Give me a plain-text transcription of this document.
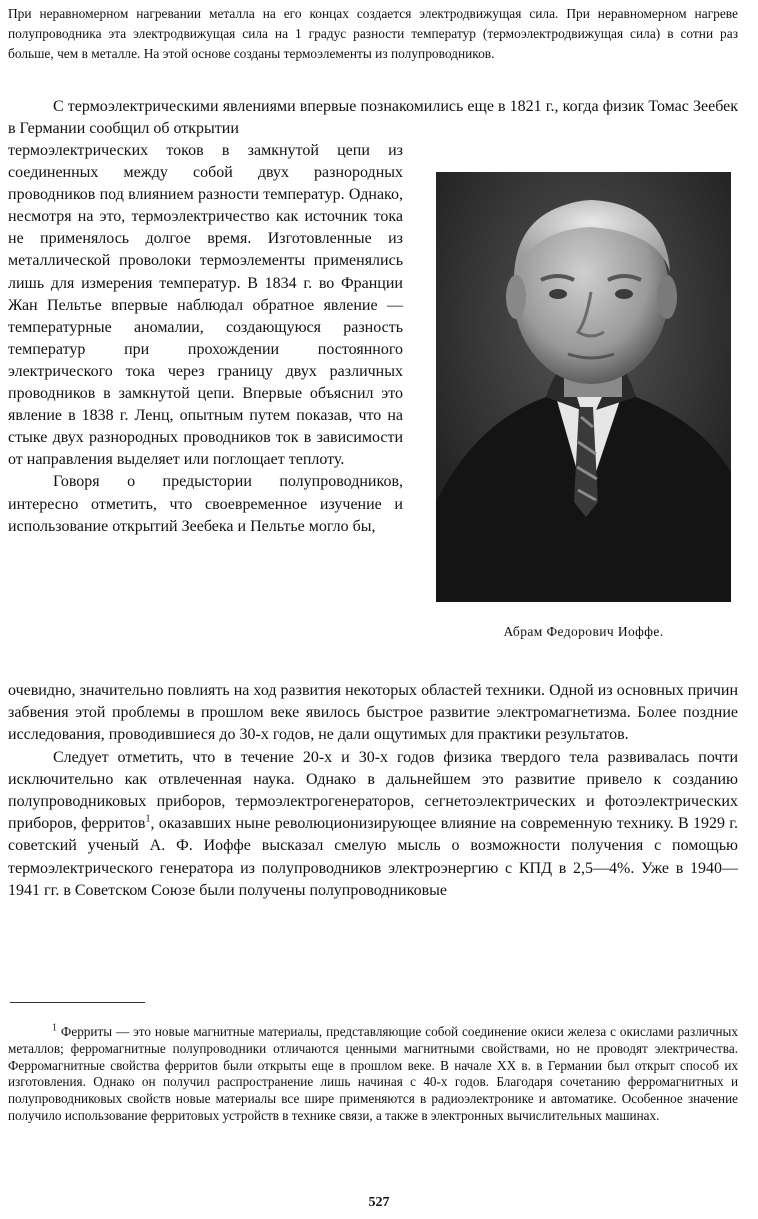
При неравномерном нагревании металла на его концах создается электродвижущая сила. При неравномерном нагреве полупроводника эта электродвижущая сила на 1 градус разности температур (термоэлектродвижущая сила) в сотни раз больше, чем в металле. На этой основе созданы термоэлементы из полупроводников.

С термоэлектрическими явлениями впервые познакомились еще в 1821 г., когда физик Томас Зеебек в Германии сообщил об открытии

термоэлектрических токов в замкнутой цепи из соединенных между собой двух разнородных проводников под влиянием разности температур. Однако, несмотря на это, термоэлектричество как источник тока не применялось долгое время. Изготовленные из металлической проволоки термоэлементы применялись лишь для измерения температур. В 1834 г. во Франции Жан Пельтье впервые наблюдал обратное явление — температурные аномалии, создающуюся разность температур при прохождении постоянного электрического тока через границу двух различных проводников в замкнутой цепи. Впервые объяснил это явление в 1838 г. Ленц, опытным путем показав, что на стыке двух разнородных проводников ток в зависимости от направления выделяет или поглощает теплоту.

Говоря о предыстории полупроводников, интересно отметить, что своевременное изучение и использование открытий Зеебека и Пельтье могло бы,

Абрам Федорович Иоффе.

очевидно, значительно повлиять на ход развития некоторых областей техники. Одной из основных причин забвения этой проблемы в прошлом веке явилось быстрое развитие электромагнетизма. Более поздние исследования, проводившиеся до 30-х годов, не дали ощутимых для практики результатов.

Следует отметить, что в течение 20-х и 30-х годов физика твердого тела развивалась почти исключительно как отвлеченная наука. Однако в дальнейшем это развитие привело к созданию полупроводниковых приборов, термоэлектрогенераторов, сегнетоэлектрических и фотоэлектрических приборов, ферритов$^1$, оказавших ныне революционизирующее влияние на современную технику. В 1929 г. советский ученый А. Ф. Иоффе высказал смелую мысль о возможности получения с помощью термоэлектрического генератора из полупроводников электроэнергию с КПД в 2,5—4%. Уже в 1940—1941 гг. в Советском Союзе были получены полупроводниковые

$^1$ Ферриты — это новые магнитные материалы, представляющие собой соединение окиси железа с окислами различных металлов; ферромагнитные полупроводники отличаются ценными магнитными свойствами, но не проводят электричества. Ферромагнитные свойства ферритов были открыты еще в прошлом веке. В начале XX в. в Германии был открыт способ их изготовления. Однако он получил распространение лишь начиная с 40-х годов. Благодаря сочетанию ферромагнитных и полупроводниковых свойств новые материалы все шире применяются в радиоэлектронике и автоматике. Особенное значение получило использование ферритовых устройств в технике связи, а также в электронных вычислительных машинах.

527
